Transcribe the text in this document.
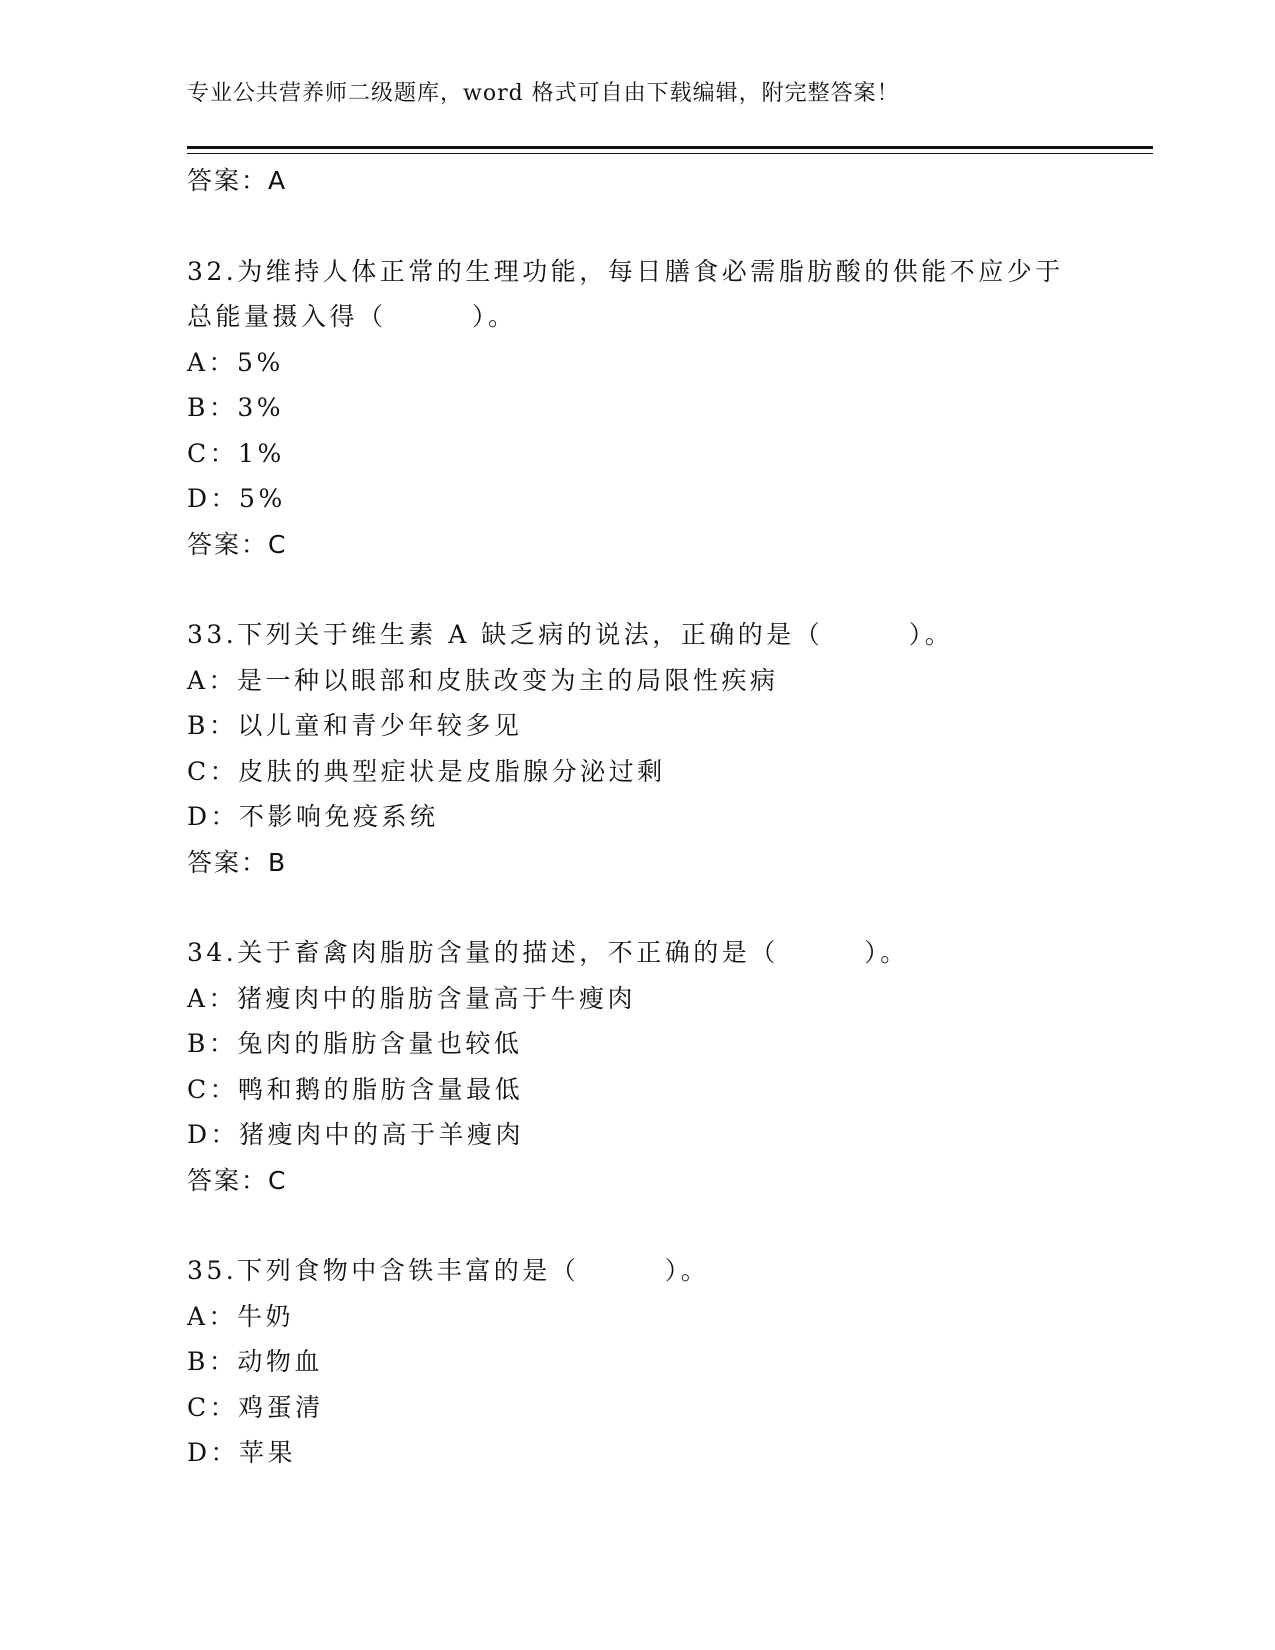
专业公共营养师二级题库，word 格式可自由下载编辑，附完整答案！
答案：A
32.为维持人体正常的生理功能，每日膳食必需脂肪酸的供能不应少于
总能量摄入得（　　　）。
A：5%
B：3%
C：1%
D：5%
答案：C
33.下列关于维生素 A 缺乏病的说法，正确的是（　　　）。
A：是一种以眼部和皮肤改变为主的局限性疾病
B：以儿童和青少年较多见
C：皮肤的典型症状是皮脂腺分泌过剩
D：不影响免疫系统
答案：B
34.关于畜禽肉脂肪含量的描述，不正确的是（　　　）。
A：猪瘦肉中的脂肪含量高于牛瘦肉
B：兔肉的脂肪含量也较低
C：鸭和鹅的脂肪含量最低
D：猪瘦肉中的高于羊瘦肉
答案：C
35.下列食物中含铁丰富的是（　　　）。
A：牛奶
B：动物血
C：鸡蛋清
D：苹果
